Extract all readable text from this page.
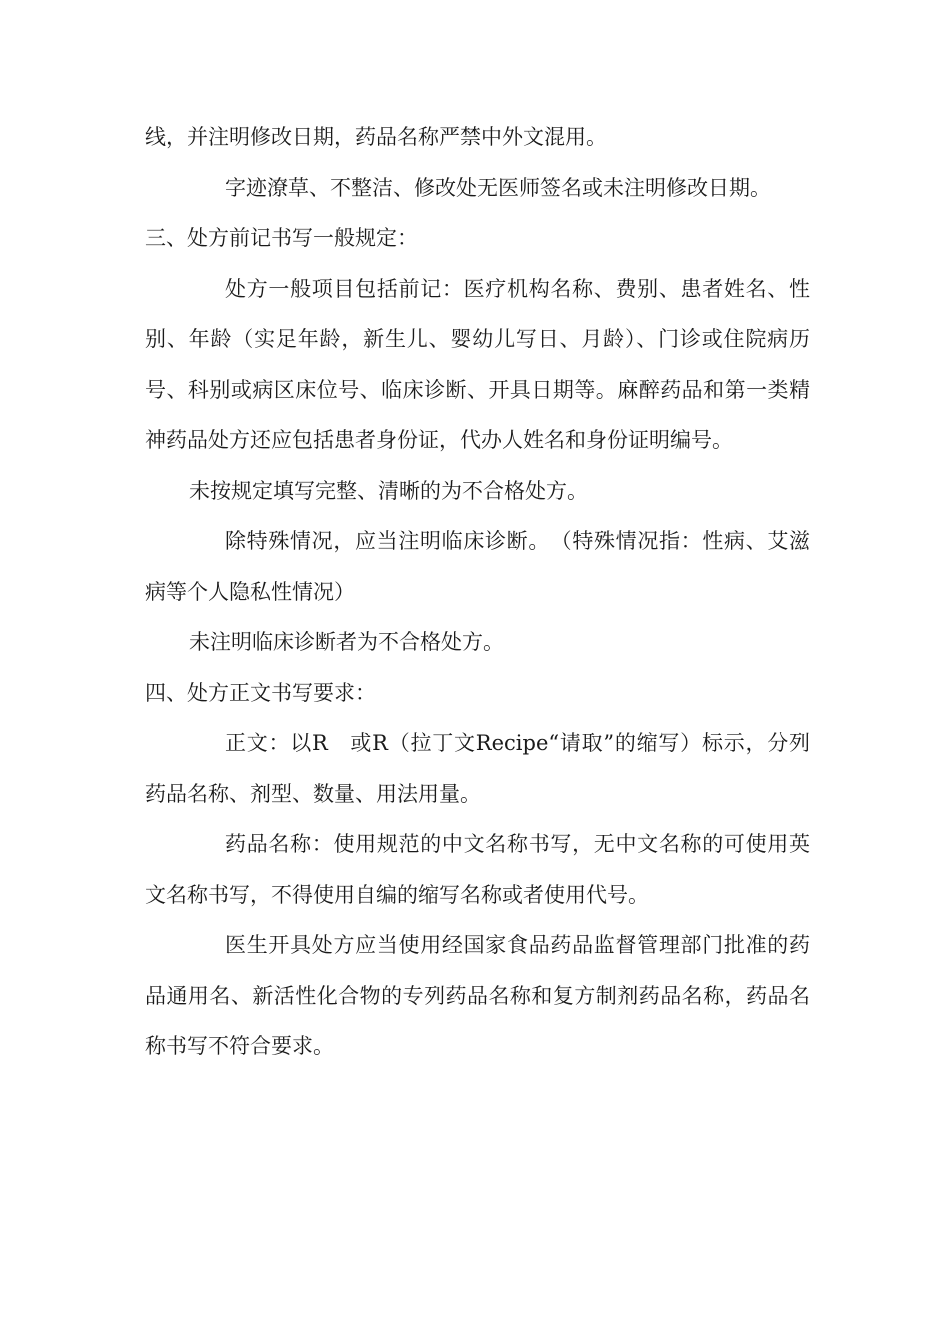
线，并注明修改日期，药品名称严禁中外文混用。

字迹潦草、不整洁、修改处无医师签名或未注明修改日期。

三、处方前记书写一般规定：

处方一般项目包括前记：医疗机构名称、费别、患者姓名、性别、年龄（实足年龄，新生儿、婴幼儿写日、月龄）、门诊或住院病历号、科别或病区床位号、临床诊断、开具日期等。麻醉药品和第一类精神药品处方还应包括患者身份证，代办人姓名和身份证明编号。

未按规定填写完整、清晰的为不合格处方。

除特殊情况，应当注明临床诊断。　（特殊情况指：性病、艾滋病等个人隐私性情况）

未注明临床诊断者为不合格处方。

四、处方正文书写要求：

正文：以R　或R（拉丁文Recipe“请取”的缩写）标示，分列药品名称、剂型、数量、用法用量。

药品名称：使用规范的中文名称书写，无中文名称的可使用英文名称书写，不得使用自编的缩写名称或者使用代号。

医生开具处方应当使用经国家食品药品监督管理部门批准的药品通用名、新活性化合物的专列药品名称和复方制剂药品名称，药品名称书写不符合要求。
